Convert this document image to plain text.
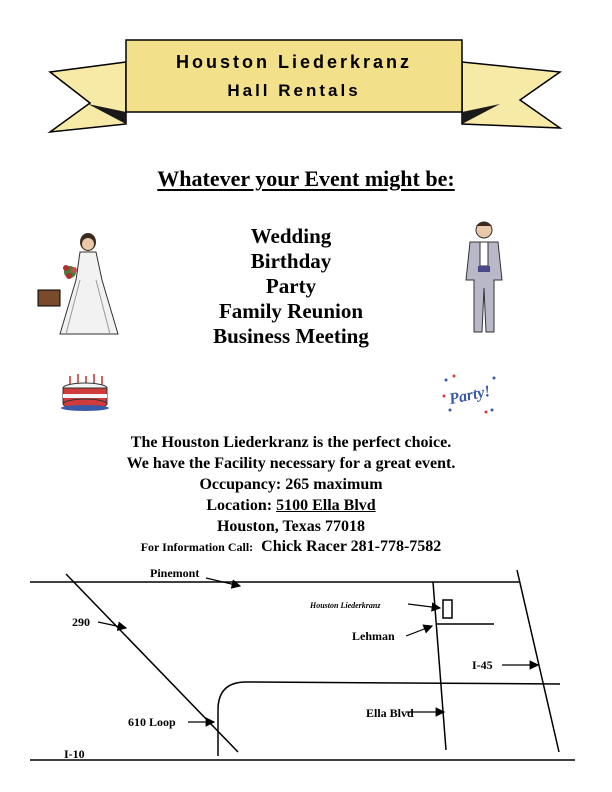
Houston Liederkranz
Hall Rentals
Whatever your Event might be:
Wedding
Birthday
Party
Family Reunion
Business Meeting
Party!
The Houston Liederkranz is the perfect choice.
We have the Facility necessary for a great event.
Occupancy: 265 maximum
Location: 5100 Ella Blvd
Houston, Texas 77018
For Information Call: Chick Racer 281-778-7582
Pinemont
290
Houston Liederkranz
Lehman
I-45
Ella Blvd
610 Loop
I-10
